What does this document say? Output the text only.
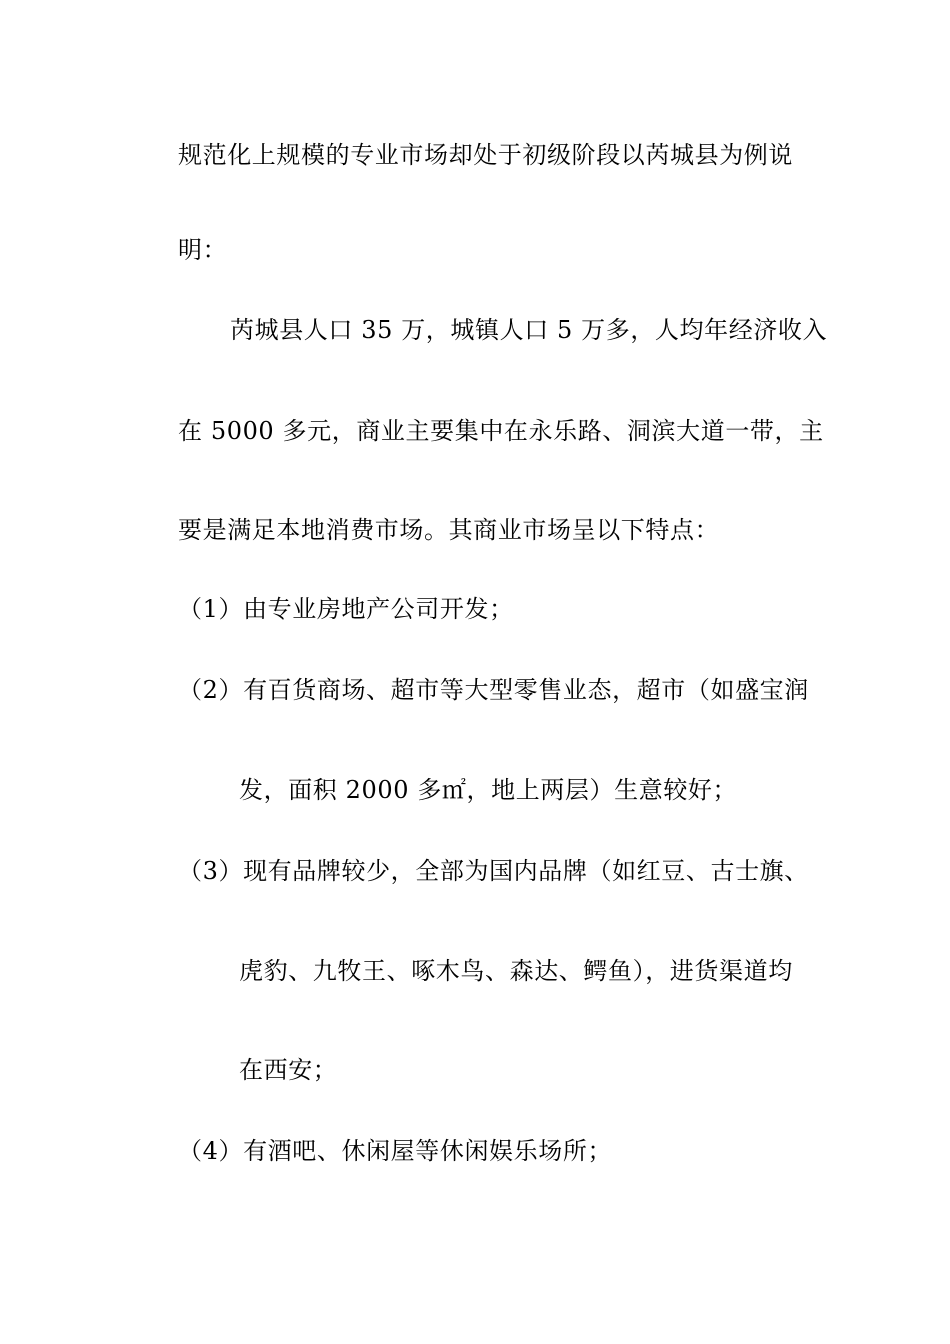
规范化上规模的专业市场却处于初级阶段以芮城县为例说
明：
芮城县人口 35 万，城镇人口 5 万多，人均年经济收入
在 5000 多元，商业主要集中在永乐路、洞滨大道一带，主
要是满足本地消费市场。其商业市场呈以下特点：
（1）由专业房地产公司开发；
（2）有百货商场、超市等大型零售业态，超市（如盛宝润
发，面积 2000 多㎡，地上两层）生意较好；
（3）现有品牌较少，全部为国内品牌（如红豆、古士旗、
虎豹、九牧王、啄木鸟、森达、鳄鱼），进货渠道均
在西安；
（4）有酒吧、休闲屋等休闲娱乐场所；
